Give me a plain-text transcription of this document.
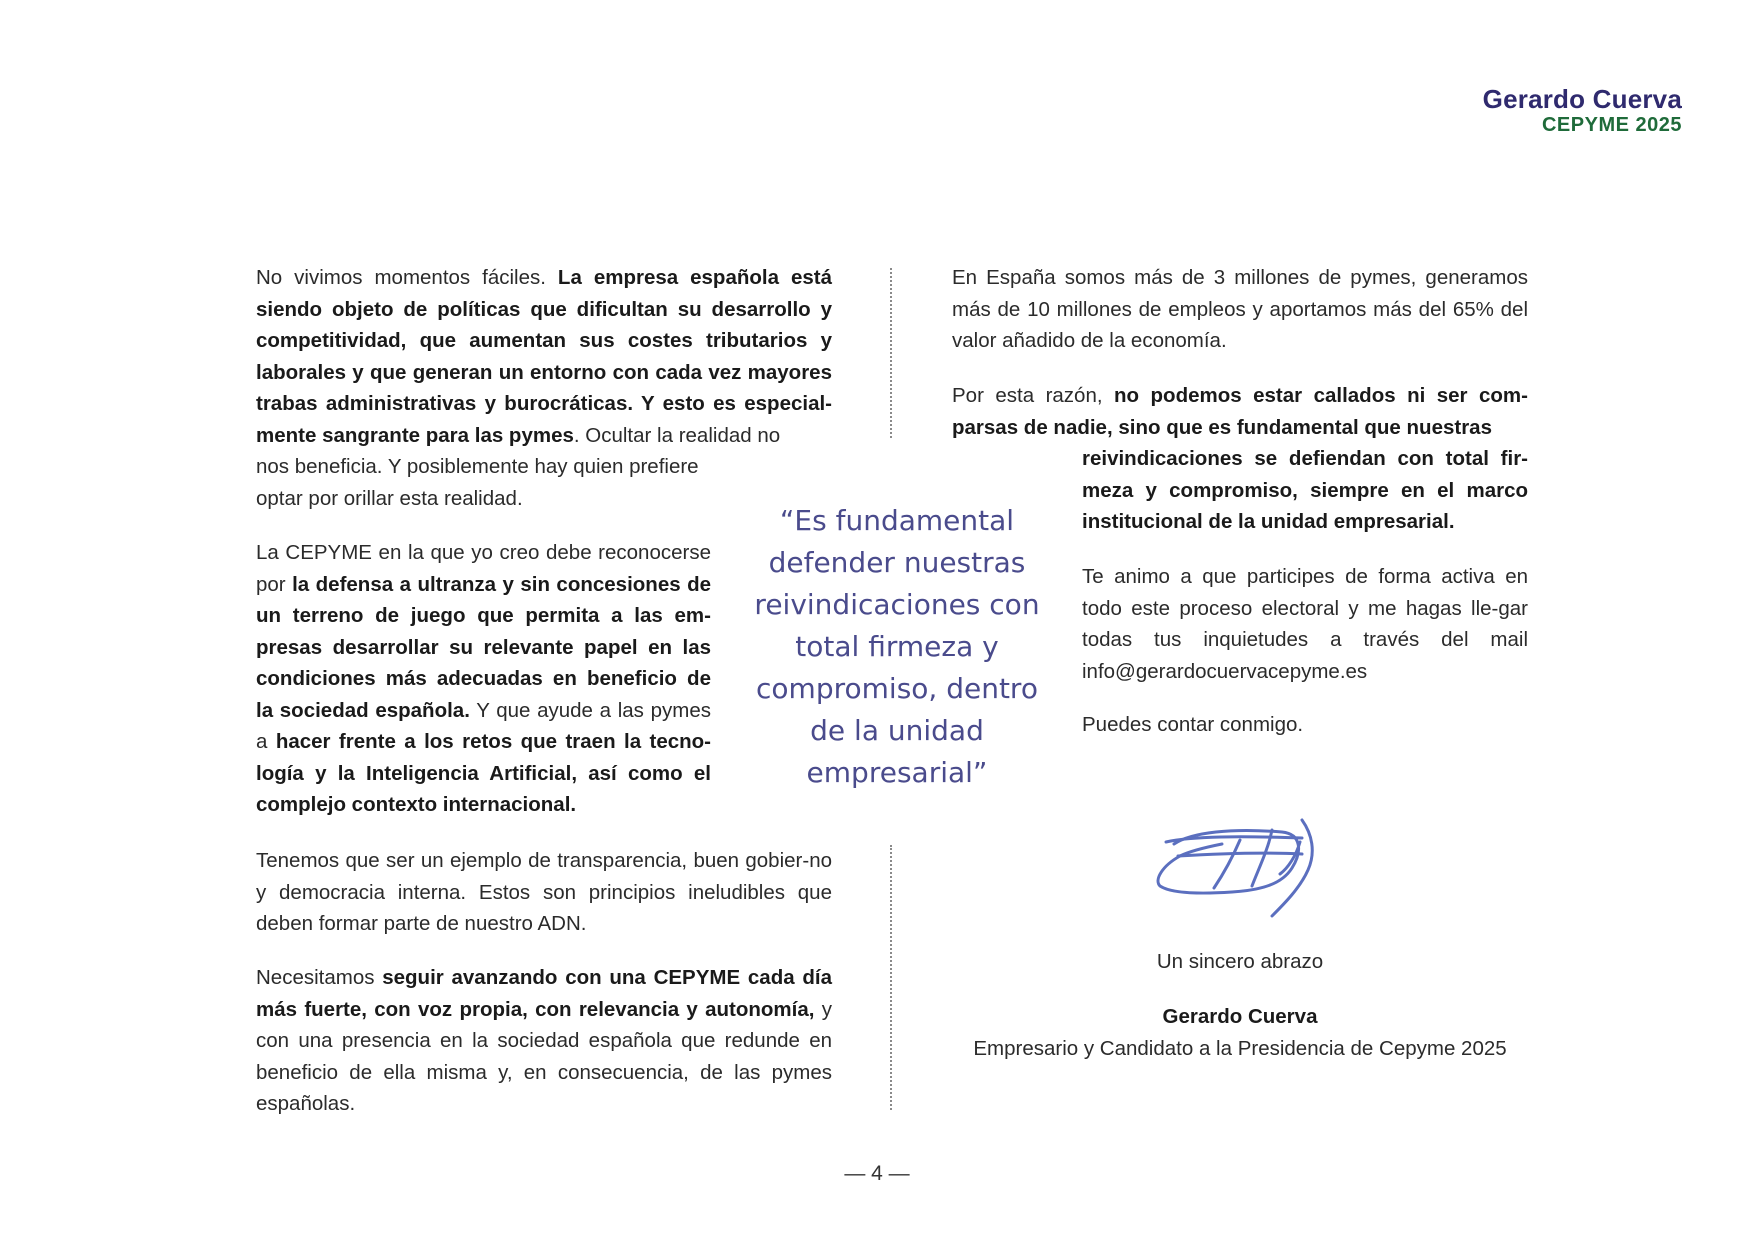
Gerardo Cuerva
CEPYME 2025

No vivimos momentos fáciles. La empresa española está siendo objeto de políticas que dificultan su desarrollo y competitividad, que aumentan sus costes tributarios y laborales y que generan un entorno con cada vez mayores trabas administrativas y burocráticas. Y esto es especial-mente sangrante para las pymes. Ocultar la realidad no

nos beneficia. Y posiblemente hay quien prefiere
optar por orillar esta realidad.

La CEPYME en la que yo creo debe reconocerse por la defensa a ultranza y sin concesiones de un terreno de juego que permita a las em-presas desarrollar su relevante papel en las condiciones más adecuadas en beneficio de la sociedad española. Y que ayude a las pymes a hacer frente a los retos que traen la tecno-logía y la Inteligencia Artificial, así como el complejo contexto internacional.

Tenemos que ser un ejemplo de transparencia, buen gobier-no y democracia interna. Estos son principios ineludibles que deben formar parte de nuestro ADN.

Necesitamos seguir avanzando con una CEPYME cada día más fuerte, con voz propia, con relevancia y autonomía, y con una presencia en la sociedad española que redunde en beneficio de ella misma y, en consecuencia, de las pymes españolas.

“Es fundamental defender nuestras reivindicaciones con total firmeza y compromiso, dentro de la unidad empresarial”

En España somos más de 3 millones de pymes, generamos más de 10 millones de empleos y aportamos más del 65% del valor añadido de la economía.

Por esta razón, no podemos estar callados ni ser com-parsas de nadie, sino que es fundamental que nuestras

reivindicaciones se defiendan con total fir-meza y compromiso, siempre en el marco institucional de la unidad empresarial.

Te animo a que participes de forma activa en todo este proceso electoral y me hagas lle-gar todas tus inquietudes a través del mail info@gerardocuervacepyme.es

Puedes contar conmigo.

Un sincero abrazo

Gerardo Cuerva

Empresario y Candidato a la Presidencia de Cepyme 2025

— 4 —
